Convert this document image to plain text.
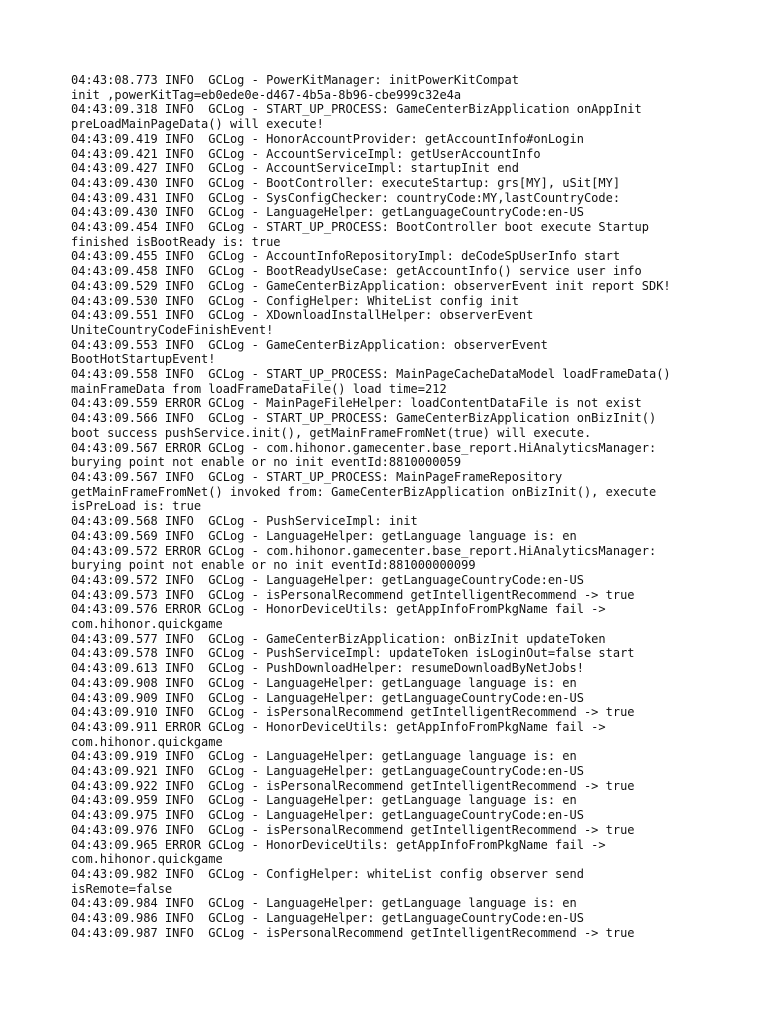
04:43:08.773 INFO  GCLog - PowerKitManager: initPowerKitCompat
init ,powerKitTag=eb0ede0e-d467-4b5a-8b96-cbe999c32e4a
04:43:09.318 INFO  GCLog - START_UP_PROCESS: GameCenterBizApplication onAppInit
preLoadMainPageData() will execute!
04:43:09.419 INFO  GCLog - HonorAccountProvider: getAccountInfo#onLogin
04:43:09.421 INFO  GCLog - AccountServiceImpl: getUserAccountInfo
04:43:09.427 INFO  GCLog - AccountServiceImpl: startupInit end
04:43:09.430 INFO  GCLog - BootController: executeStartup: grs[MY], uSit[MY]
04:43:09.431 INFO  GCLog - SysConfigChecker: countryCode:MY,lastCountryCode:
04:43:09.430 INFO  GCLog - LanguageHelper: getLanguageCountryCode:en-US
04:43:09.454 INFO  GCLog - START_UP_PROCESS: BootController boot execute Startup
finished isBootReady is: true
04:43:09.455 INFO  GCLog - AccountInfoRepositoryImpl: deCodeSpUserInfo start
04:43:09.458 INFO  GCLog - BootReadyUseCase: getAccountInfo() service user info
04:43:09.529 INFO  GCLog - GameCenterBizApplication: observerEvent init report SDK!
04:43:09.530 INFO  GCLog - ConfigHelper: WhiteList config init
04:43:09.551 INFO  GCLog - XDownloadInstallHelper: observerEvent
UniteCountryCodeFinishEvent!
04:43:09.553 INFO  GCLog - GameCenterBizApplication: observerEvent
BootHotStartupEvent!
04:43:09.558 INFO  GCLog - START_UP_PROCESS: MainPageCacheDataModel loadFrameData()
mainFrameData from loadFrameDataFile() load time=212
04:43:09.559 ERROR GCLog - MainPageFileHelper: loadContentDataFile is not exist
04:43:09.566 INFO  GCLog - START_UP_PROCESS: GameCenterBizApplication onBizInit()
boot success pushService.init(), getMainFrameFromNet(true) will execute.
04:43:09.567 ERROR GCLog - com.hihonor.gamecenter.base_report.HiAnalyticsManager:
burying point not enable or no init eventId:8810000059
04:43:09.567 INFO  GCLog - START_UP_PROCESS: MainPageFrameRepository
getMainFrameFromNet() invoked from: GameCenterBizApplication onBizInit(), execute
isPreLoad is: true
04:43:09.568 INFO  GCLog - PushServiceImpl: init
04:43:09.569 INFO  GCLog - LanguageHelper: getLanguage language is: en
04:43:09.572 ERROR GCLog - com.hihonor.gamecenter.base_report.HiAnalyticsManager:
burying point not enable or no init eventId:881000000099
04:43:09.572 INFO  GCLog - LanguageHelper: getLanguageCountryCode:en-US
04:43:09.573 INFO  GCLog - isPersonalRecommend getIntelligentRecommend -> true
04:43:09.576 ERROR GCLog - HonorDeviceUtils: getAppInfoFromPkgName fail ->
com.hihonor.quickgame
04:43:09.577 INFO  GCLog - GameCenterBizApplication: onBizInit updateToken
04:43:09.578 INFO  GCLog - PushServiceImpl: updateToken isLoginOut=false start
04:43:09.613 INFO  GCLog - PushDownloadHelper: resumeDownloadByNetJobs!
04:43:09.908 INFO  GCLog - LanguageHelper: getLanguage language is: en
04:43:09.909 INFO  GCLog - LanguageHelper: getLanguageCountryCode:en-US
04:43:09.910 INFO  GCLog - isPersonalRecommend getIntelligentRecommend -> true
04:43:09.911 ERROR GCLog - HonorDeviceUtils: getAppInfoFromPkgName fail ->
com.hihonor.quickgame
04:43:09.919 INFO  GCLog - LanguageHelper: getLanguage language is: en
04:43:09.921 INFO  GCLog - LanguageHelper: getLanguageCountryCode:en-US
04:43:09.922 INFO  GCLog - isPersonalRecommend getIntelligentRecommend -> true
04:43:09.959 INFO  GCLog - LanguageHelper: getLanguage language is: en
04:43:09.975 INFO  GCLog - LanguageHelper: getLanguageCountryCode:en-US
04:43:09.976 INFO  GCLog - isPersonalRecommend getIntelligentRecommend -> true
04:43:09.965 ERROR GCLog - HonorDeviceUtils: getAppInfoFromPkgName fail ->
com.hihonor.quickgame
04:43:09.982 INFO  GCLog - ConfigHelper: whiteList config observer send
isRemote=false
04:43:09.984 INFO  GCLog - LanguageHelper: getLanguage language is: en
04:43:09.986 INFO  GCLog - LanguageHelper: getLanguageCountryCode:en-US
04:43:09.987 INFO  GCLog - isPersonalRecommend getIntelligentRecommend -> true
